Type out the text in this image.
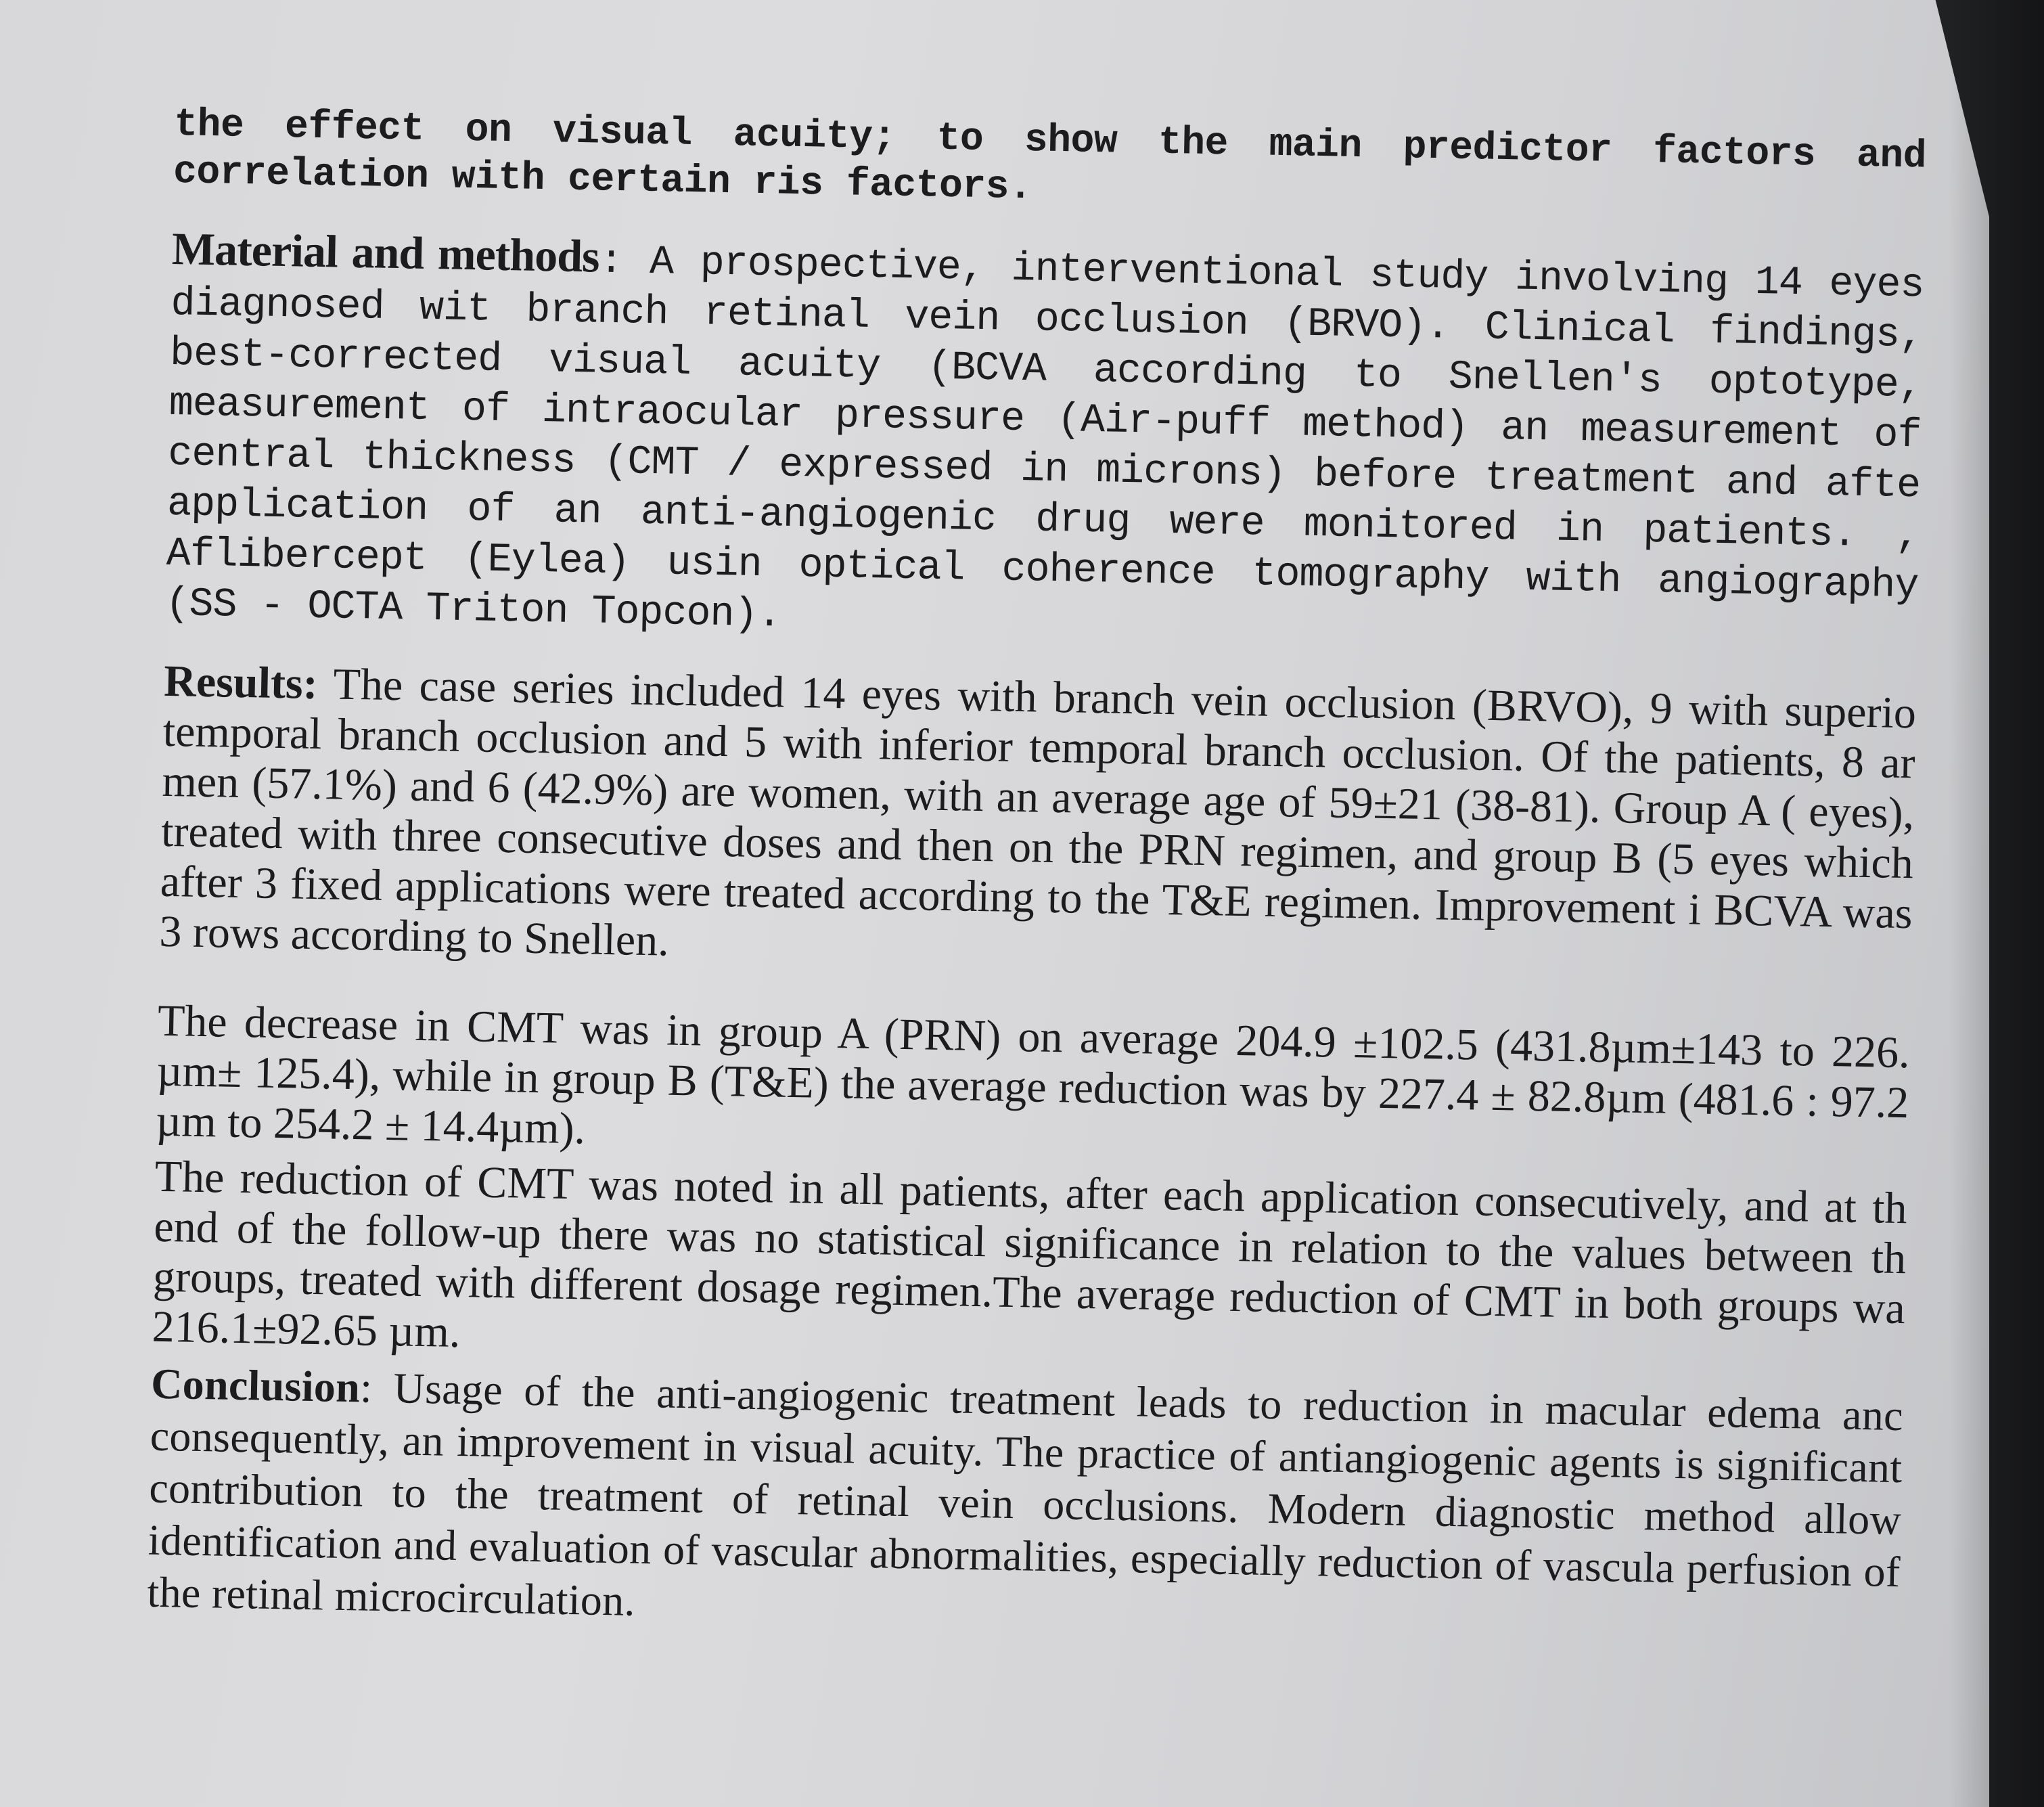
the effect on visual acuity; to show the main predictor factors and correlation with certain ris factors.

Material and methods: A prospective, interventional study involving 14 eyes diagnosed wit branch retinal vein occlusion (BRVO). Clinical findings, best-corrected visual acuity (BCVA according to Snellen's optotype, measurement of intraocular pressure (Air-puff method) an measurement of central thickness (CMT / expressed in microns) before treatment and afte application of an anti-angiogenic drug were monitored in patients. , Aflibercept (Eylea) usin optical coherence tomography with angiography (SS - OCTA Triton Topcon).

Results: The case series included 14 eyes with branch vein occlusion (BRVO), 9 with superio temporal branch occlusion and 5 with inferior temporal branch occlusion. Of the patients, 8 ar men (57.1%) and 6 (42.9%) are women, with an average age of 59±21 (38-81). Group A ( eyes), treated with three consecutive doses and then on the PRN regimen, and group B (5 eyes which after 3 fixed applications were treated according to the T&E regimen. Improvement i BCVA was 3 rows according to Snellen.

The decrease in CMT was in group A (PRN) on average 204.9 ±102.5 (431.8µm±143 to 226. µm± 125.4), while in group B (T&E) the average reduction was by 227.4 ± 82.8µm (481.6 : 97.2 µm to 254.2 ± 14.4µm).

The reduction of CMT was noted in all patients, after each application consecutively, and at th end of the follow-up there was no statistical significance in relation to the values between th groups, treated with different dosage regimen.The average reduction of CMT in both groups wa 216.1±92.65 µm.

Conclusion: Usage of the anti-angiogenic treatment leads to reduction in macular edema anc consequently, an improvement in visual acuity. The practice of antiangiogenic agents is significant contribution to the treatment of retinal vein occlusions. Modern diagnostic method allow identification and evaluation of vascular abnormalities, especially reduction of vascula perfusion of the retinal microcirculation.
